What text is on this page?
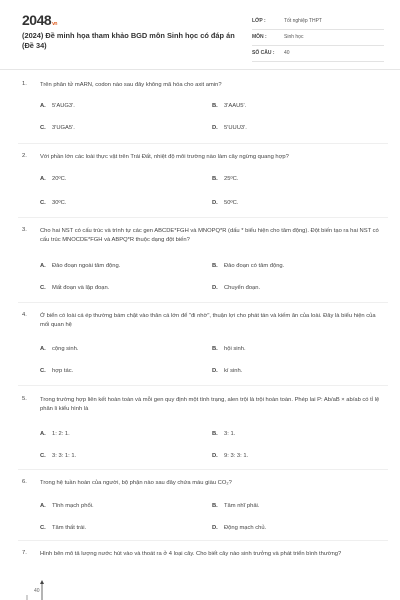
2048vn
(2024) Đề minh họa tham khảo BGD môn Sinh học có đáp án (Đề 34)
LỚP :	Tốt nghiệp THPT
MÔN :	Sinh học
SỐ CÂU : 40
1. Trên phân tử mARN, codon nào sau đây không mã hóa cho axit amin?
A. 5'AUG3'.	B. 3'AAU5'.
C. 3'UGA5'.	D. 5'UUU3'.
2. Với phần lớn các loài thực vật trên Trái Đất, nhiệt độ môi trường nào làm cây ngừng quang hợp?
A. 20ºC.	B. 25ºC.
C. 30ºC.	D. 50ºC.
3. Cho hai NST có cấu trúc và trình tự các gen ABCDE*FGH và MNOPQ*R (dấu * biểu hiện cho tâm động). Đột biến tạo ra hai NST có cấu trúc MNOCDE*FGH và ABPQ*R thuộc dạng đột biến?
A. Đảo đoạn ngoài tâm động.	B. Đảo đoạn có tâm động.
C. Mất đoạn và lặp đoạn.	D. Chuyển đoạn.
4. Ở biển có loài cá ép thường bám chặt vào thân cá lớn để "đi nhờ", thuận lợi cho phát tán và kiếm ăn của loài. Đây là biểu hiện của mối quan hệ
A. cộng sinh.	B. hội sinh.
C. hợp tác.	D. kí sinh.
5. Trong trường hợp liên kết hoàn toàn và mỗi gen quy định một tính trạng, alen trội là trội hoàn toàn. Phép lai P: Ab/aB × ab/ab có tỉ lệ phân li kiểu hình là
A. 1: 2: 1.	B. 3: 1.
C. 3: 3: 1: 1.	D. 9: 3: 3: 1.
6. Trong hệ tuần hoàn của người, bộ phận nào sau đây chứa máu giàu CO₂?
A. Tĩnh mạch phổi.	B. Tâm nhĩ phải.
C. Tâm thất trái.	D. Động mạch chủ.
7. Hình bên mô tả lượng nước hút vào và thoát ra ở 4 loại cây. Cho biết cây nào sinh trưởng và phát triển bình thường?
40
